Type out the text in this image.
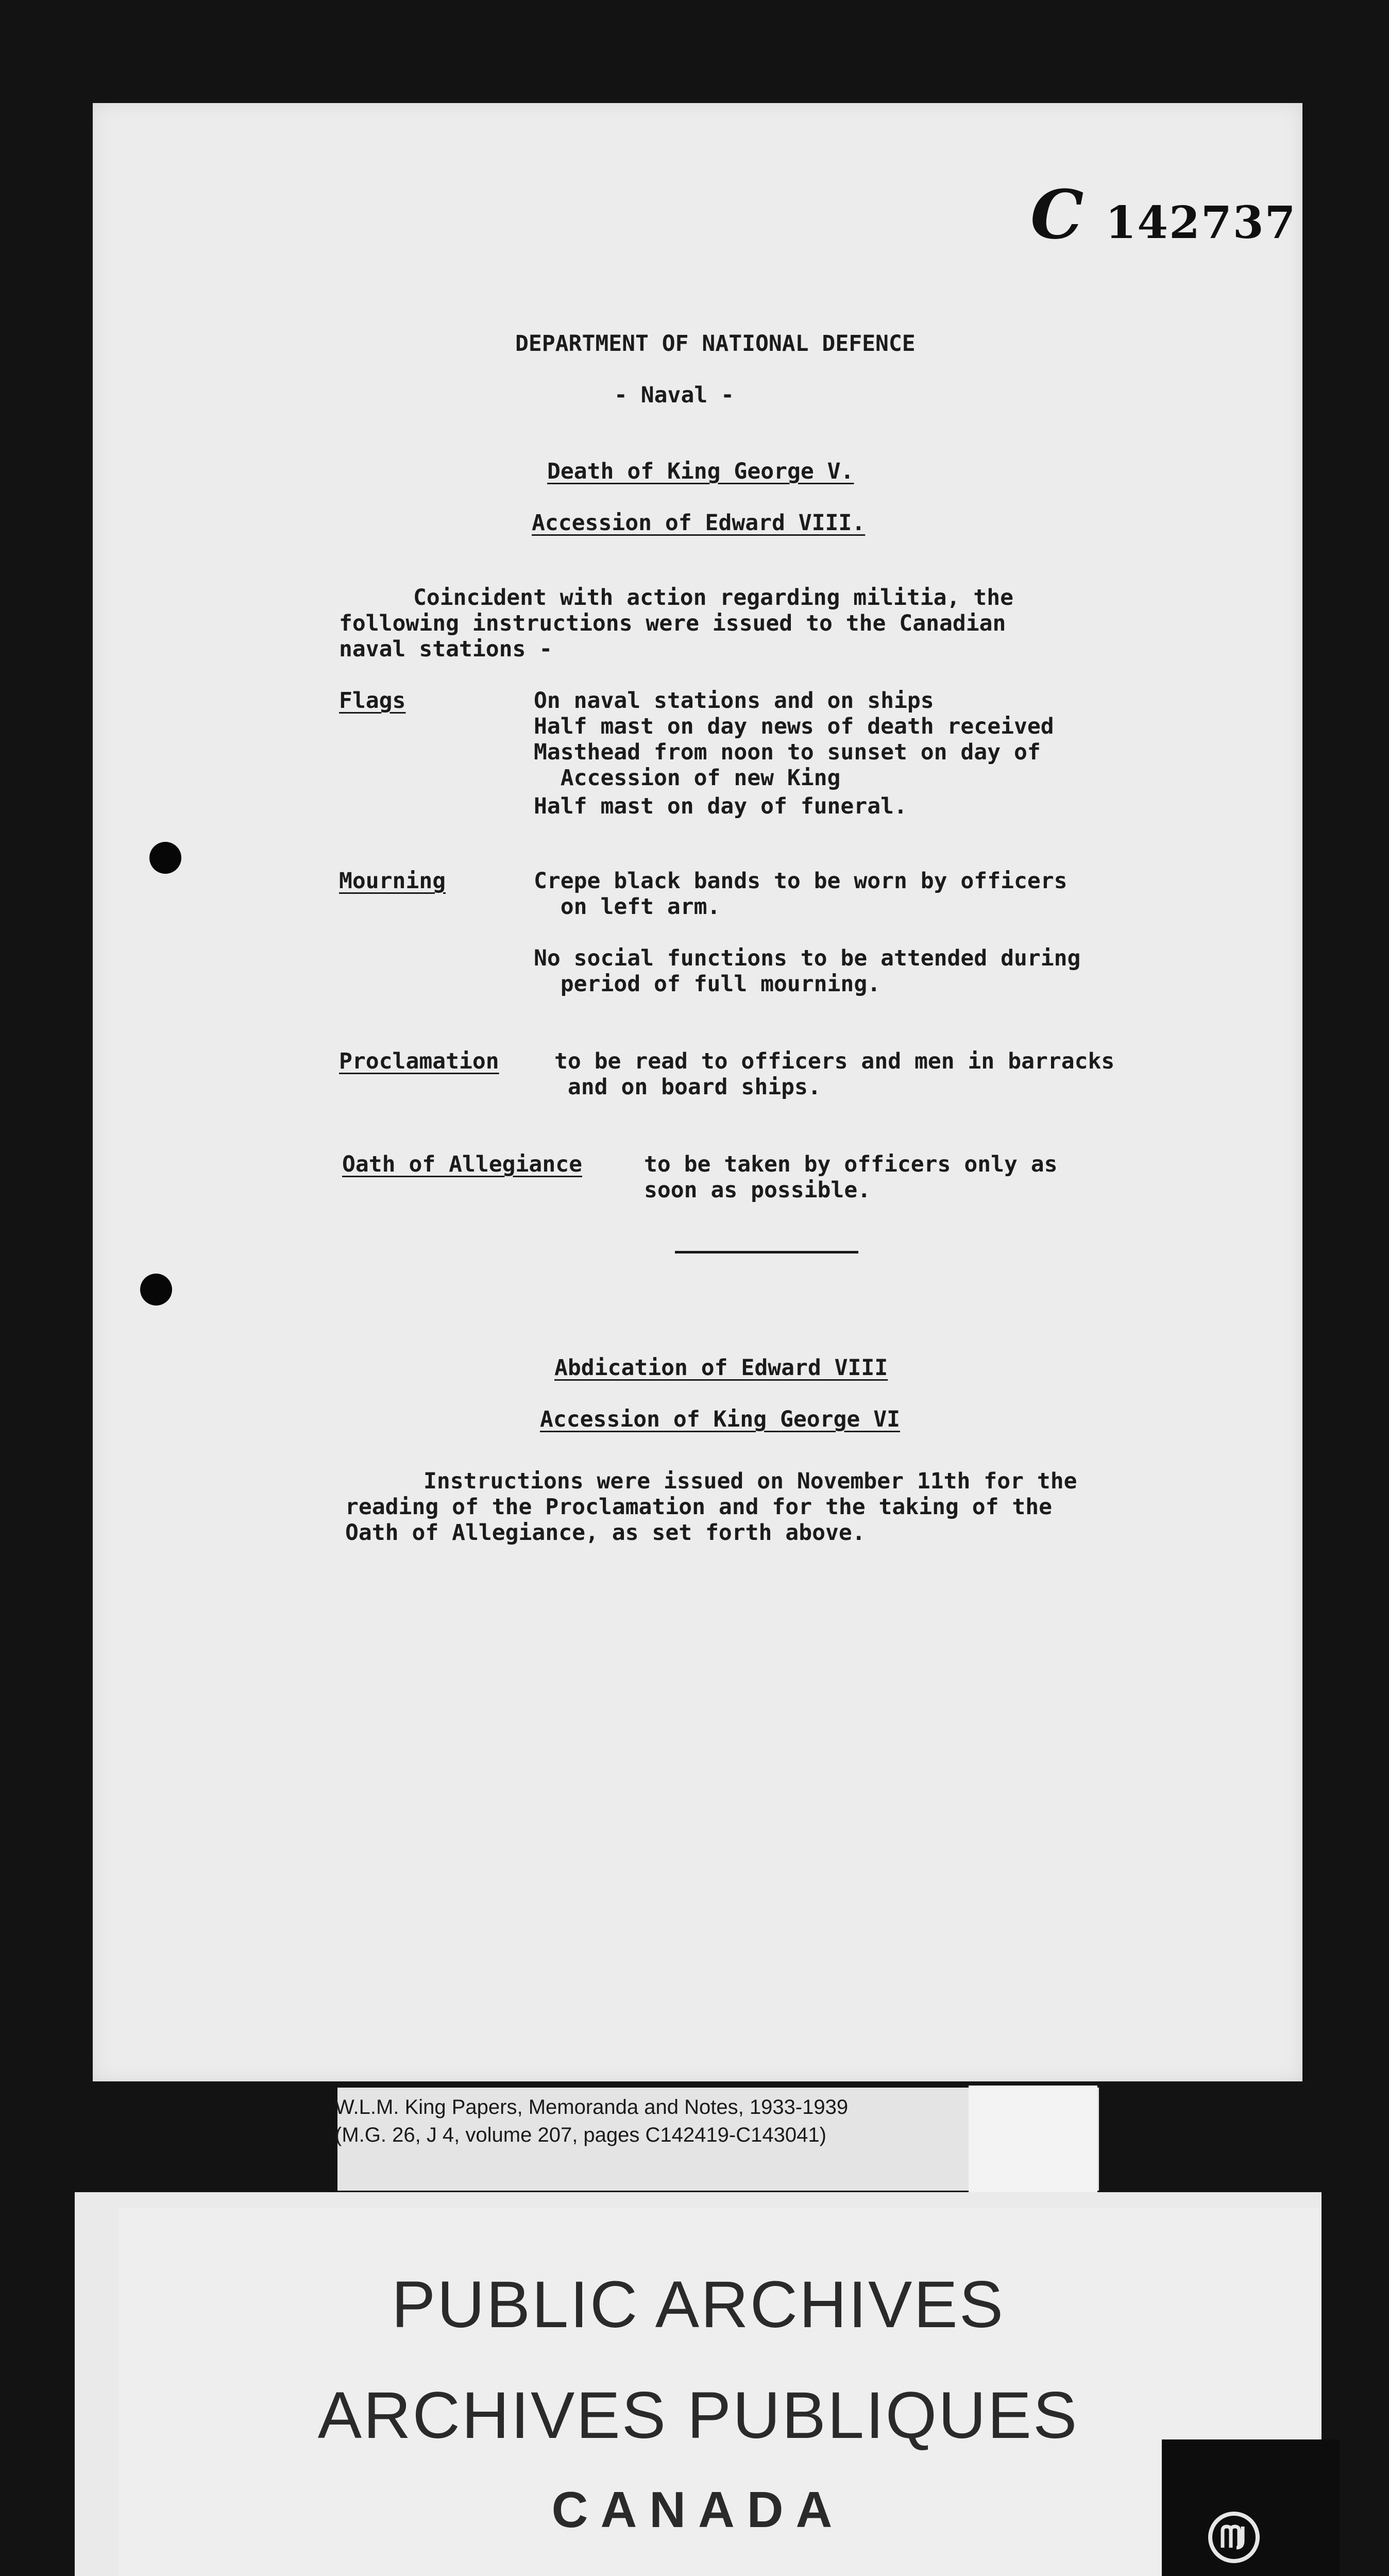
C 142737
DEPARTMENT OF NATIONAL DEFENCE
- Naval -
Death of King George V.
Accession of Edward VIII.
Coincident with action regarding militia, the
following instructions were issued to the Canadian
naval stations -
Flags	On naval stations and on ships
Half mast on day news of death received
Masthead from noon to sunset on day of
Accession of new King
Half mast on day of funeral.
Mourning	Crepe black bands to be worn by officers
on left arm.
No social functions to be attended during
period of full mourning.
Proclamation to be read to officers and men in barracks
and on board ships.
Oath of Allegiance	to be taken by officers only as
soon as possible.
Abdication of Edward VIII
Accession of King George VI
Instructions were issued on November 11th for the
reading of the Proclamation and for the taking of the
Oath of Allegiance, as set forth above.
W.L.M. King Papers, Memoranda and Notes, 1933-1939
(M.G. 26, J 4, volume 207, pages C142419-C143041)
PUBLIC ARCHIVES
ARCHIVES PUBLIQUES
CANADA
